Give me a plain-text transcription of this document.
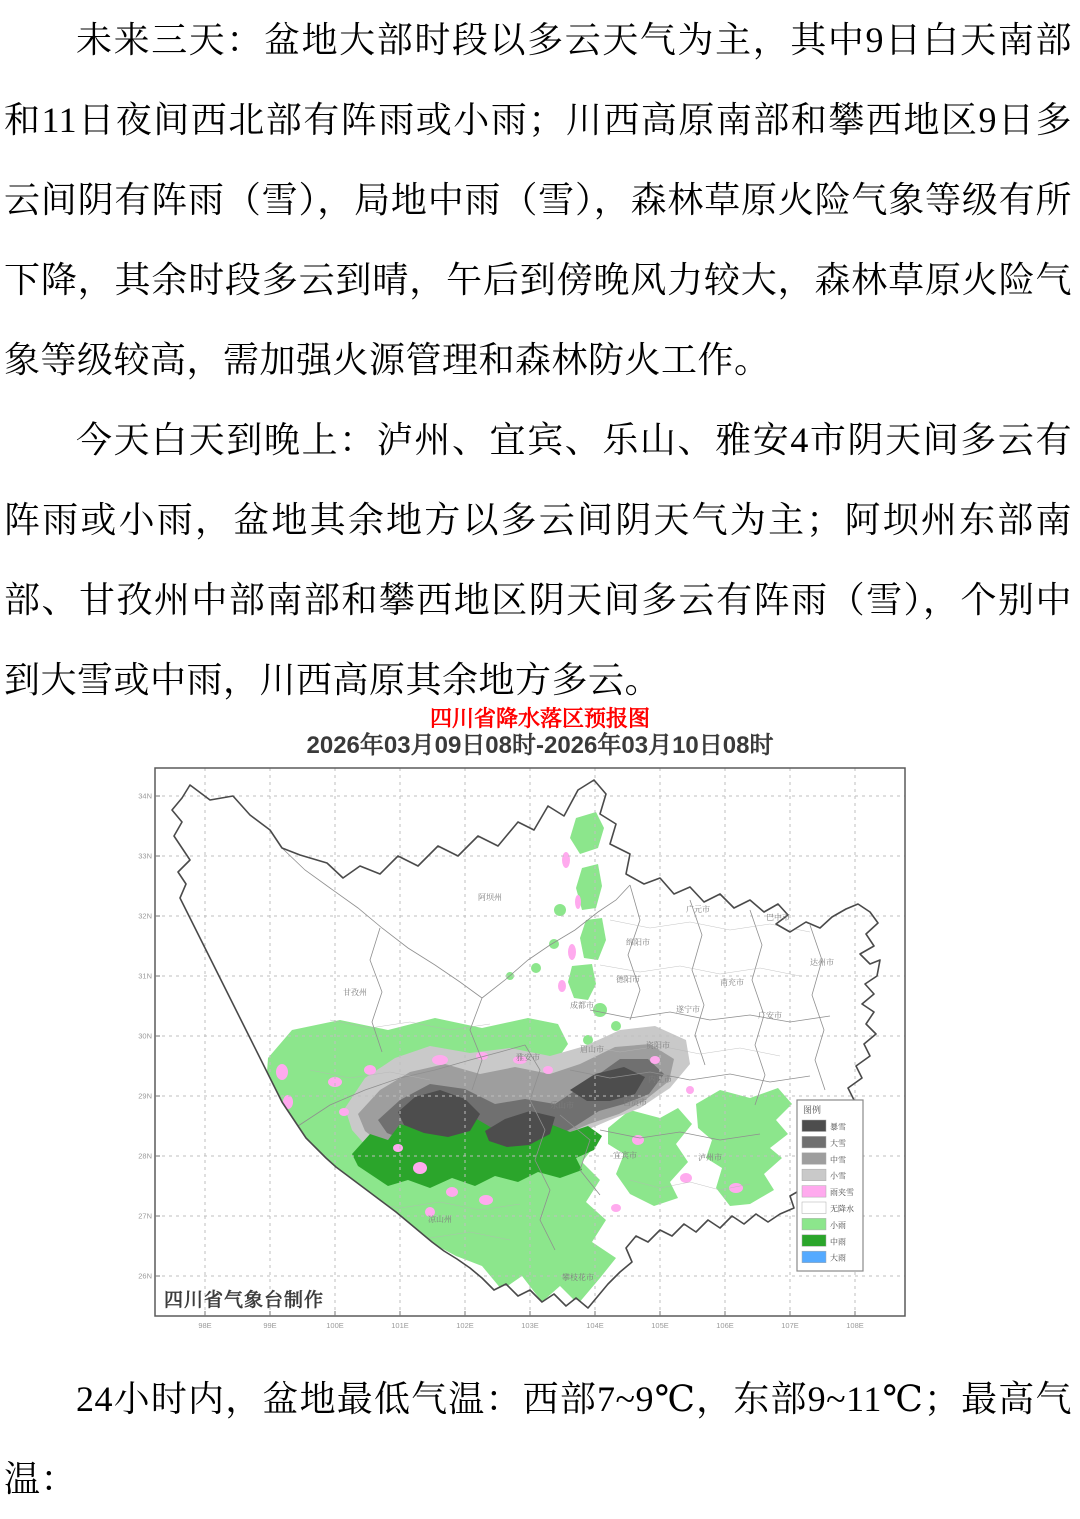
未来三天：盆地大部时段以多云天气为主，其中9日白天南部和11日夜间西北部有阵雨或小雨；川西高原南部和攀西地区9日多云间阴有阵雨（雪），局地中雨（雪），森林草原火险气象等级有所下降，其余时段多云到晴，午后到傍晚风力较大，森林草原火险气象等级较高，需加强火源管理和森林防火工作。

今天白天到晚上：泸州、宜宾、乐山、雅安4市阴天间多云有阵雨或小雨，盆地其余地方以多云间阴天气为主；阿坝州东部南部、甘孜州中部南部和攀西地区阴天间多云有阵雨（雪），个别中到大雪或中雨，川西高原其余地方多云。

四川省降水落区预报图
2026年03月09日08时-2026年03月10日08时
甘孜州
阿坝州
广元市
绵阳市
巴中市
达州市
南充市
德阳市
成都市	遂宁市
广安市
资阳市
眉山市
雅安市
内江市
自贡市
乐山市
宜宾市	泸州市
凉山州
攀枝花市
34N
33N
32N
31N
30N
29N
28N
27N
26N
98E	99E	100E	101E	102E	103E	104E	105E	106E	107E	108E
图例
暴雪
大雪
中雪
小雪
雨夹雪
无降水
小雨
中雨
大雨
四川省气象台制作

24小时内，盆地最低气温：西部7~9℃，东部9~11℃；最高气温：
